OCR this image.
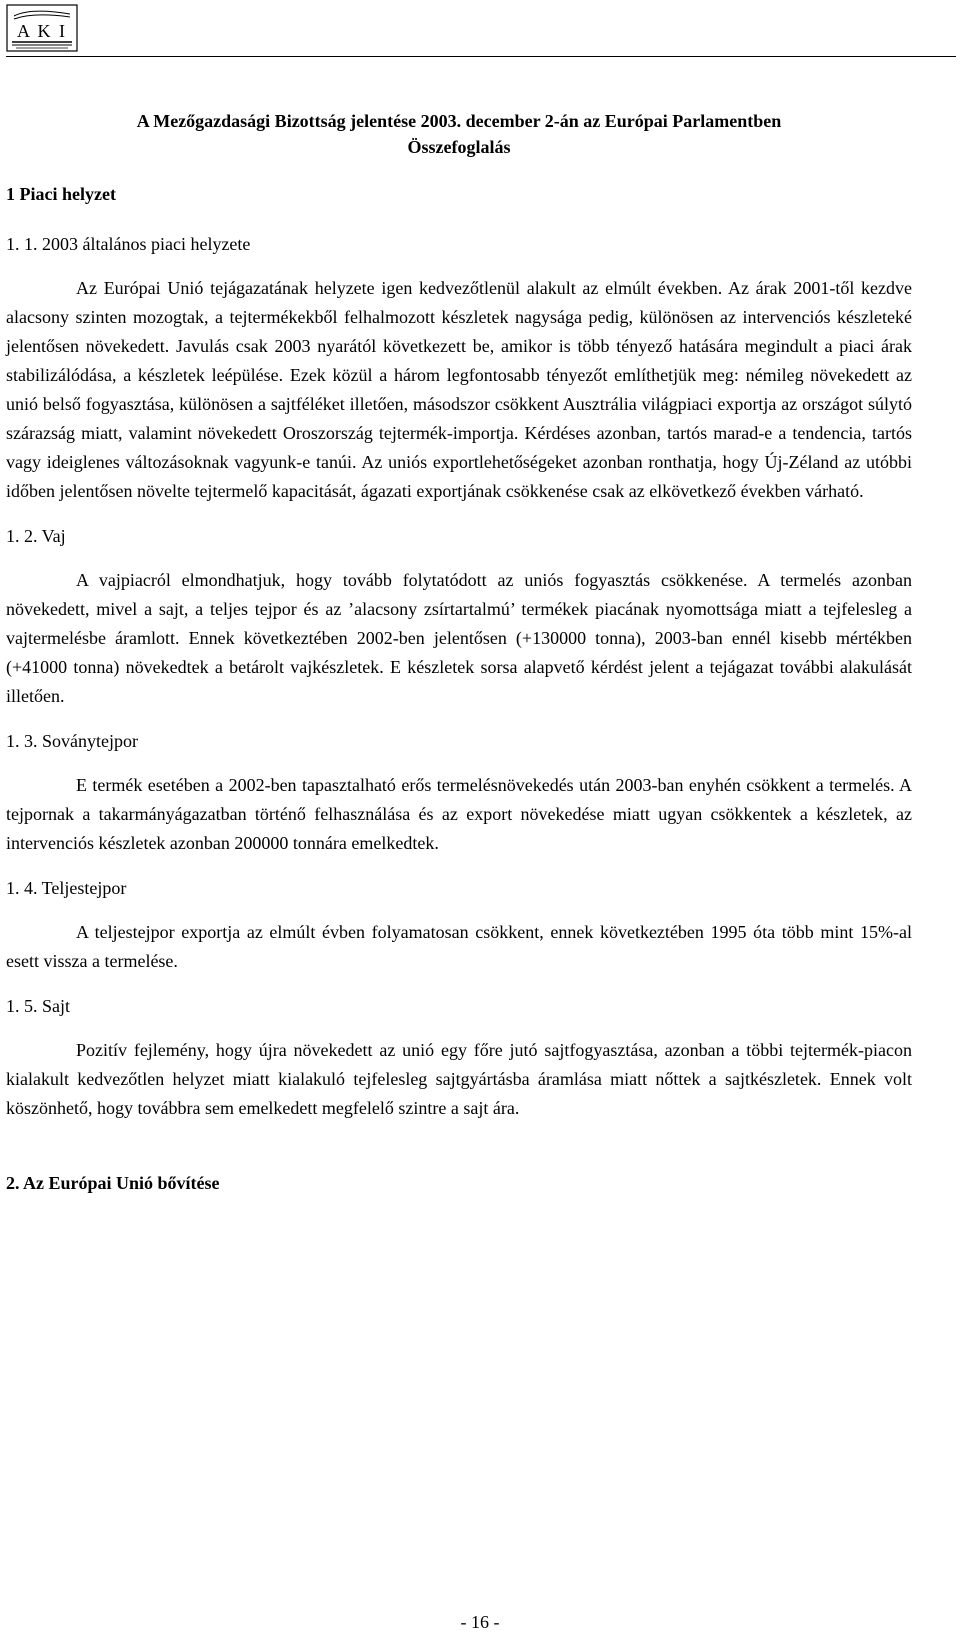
A K I

A Mezőgazdasági Bizottság jelentése 2003. december 2-án az Európai Parlamentben

Összefoglalás

1 Piaci helyzet
1. 1. 2003 általános piaci helyzete

Az Európai Unió tejágazatának helyzete igen kedvezőtlenül alakult az elmúlt években. Az árak 2001-től kezdve alacsony szinten mozogtak, a tejtermékekből felhalmozott készletek nagysága pedig, különösen az intervenciós készleteké jelentősen növekedett. Javulás csak 2003 nyarától következett be, amikor is több tényező hatására megindult a piaci árak stabilizálódása, a készletek leépülése. Ezek közül a három legfontosabb tényezőt említhetjük meg: némileg növekedett az unió belső fogyasztása, különösen a sajtféléket illetően, másodszor csökkent Ausztrália világpiaci exportja az országot súlytó szárazság miatt, valamint növekedett Oroszország tejtermék-importja. Kérdéses azonban, tartós marad-e a tendencia, tartós vagy ideiglenes változásoknak vagyunk-e tanúi. Az uniós exportlehetőségeket azonban ronthatja, hogy Új-Zéland az utóbbi időben jelentősen növelte tejtermelő kapacitását, ágazati exportjának csökkenése csak az elkövetkező években várható.

1. 2. Vaj

A vajpiacról elmondhatjuk, hogy tovább folytatódott az uniós fogyasztás csökkenése. A termelés azonban növekedett, mivel a sajt, a teljes tejpor és az ’alacsony zsírtartalmú’ termékek piacának nyomottsága miatt a tejfelesleg a vajtermelésbe áramlott. Ennek következtében 2002-ben jelentősen (+130000 tonna), 2003-ban ennél kisebb mértékben (+41000 tonna) növekedtek a betárolt vajkészletek. E készletek sorsa alapvető kérdést jelent a tejágazat további alakulását illetően.

1. 3. Soványtejpor

E termék esetében a 2002-ben tapasztalható erős termelésnövekedés után 2003-ban enyhén csökkent a termelés. A tejpornak a takarmányágazatban történő felhasználása és az export növekedése miatt ugyan csökkentek a készletek, az intervenciós készletek azonban 200000 tonnára emelkedtek.

1. 4. Teljestejpor

A teljestejpor exportja az elmúlt évben folyamatosan csökkent, ennek következtében 1995 óta több mint 15%-al esett vissza a termelése.

1. 5. Sajt

Pozitív fejlemény, hogy újra növekedett az unió egy főre jutó sajtfogyasztása, azonban a többi tejtermék-piacon kialakult kedvezőtlen helyzet miatt kialakuló tejfelesleg sajtgyártásba áramlása miatt nőttek a sajtkészletek. Ennek volt köszönhető, hogy továbbra sem emelkedett megfelelő szintre a sajt ára.

2. Az Európai Unió bővítése
- 16 -
